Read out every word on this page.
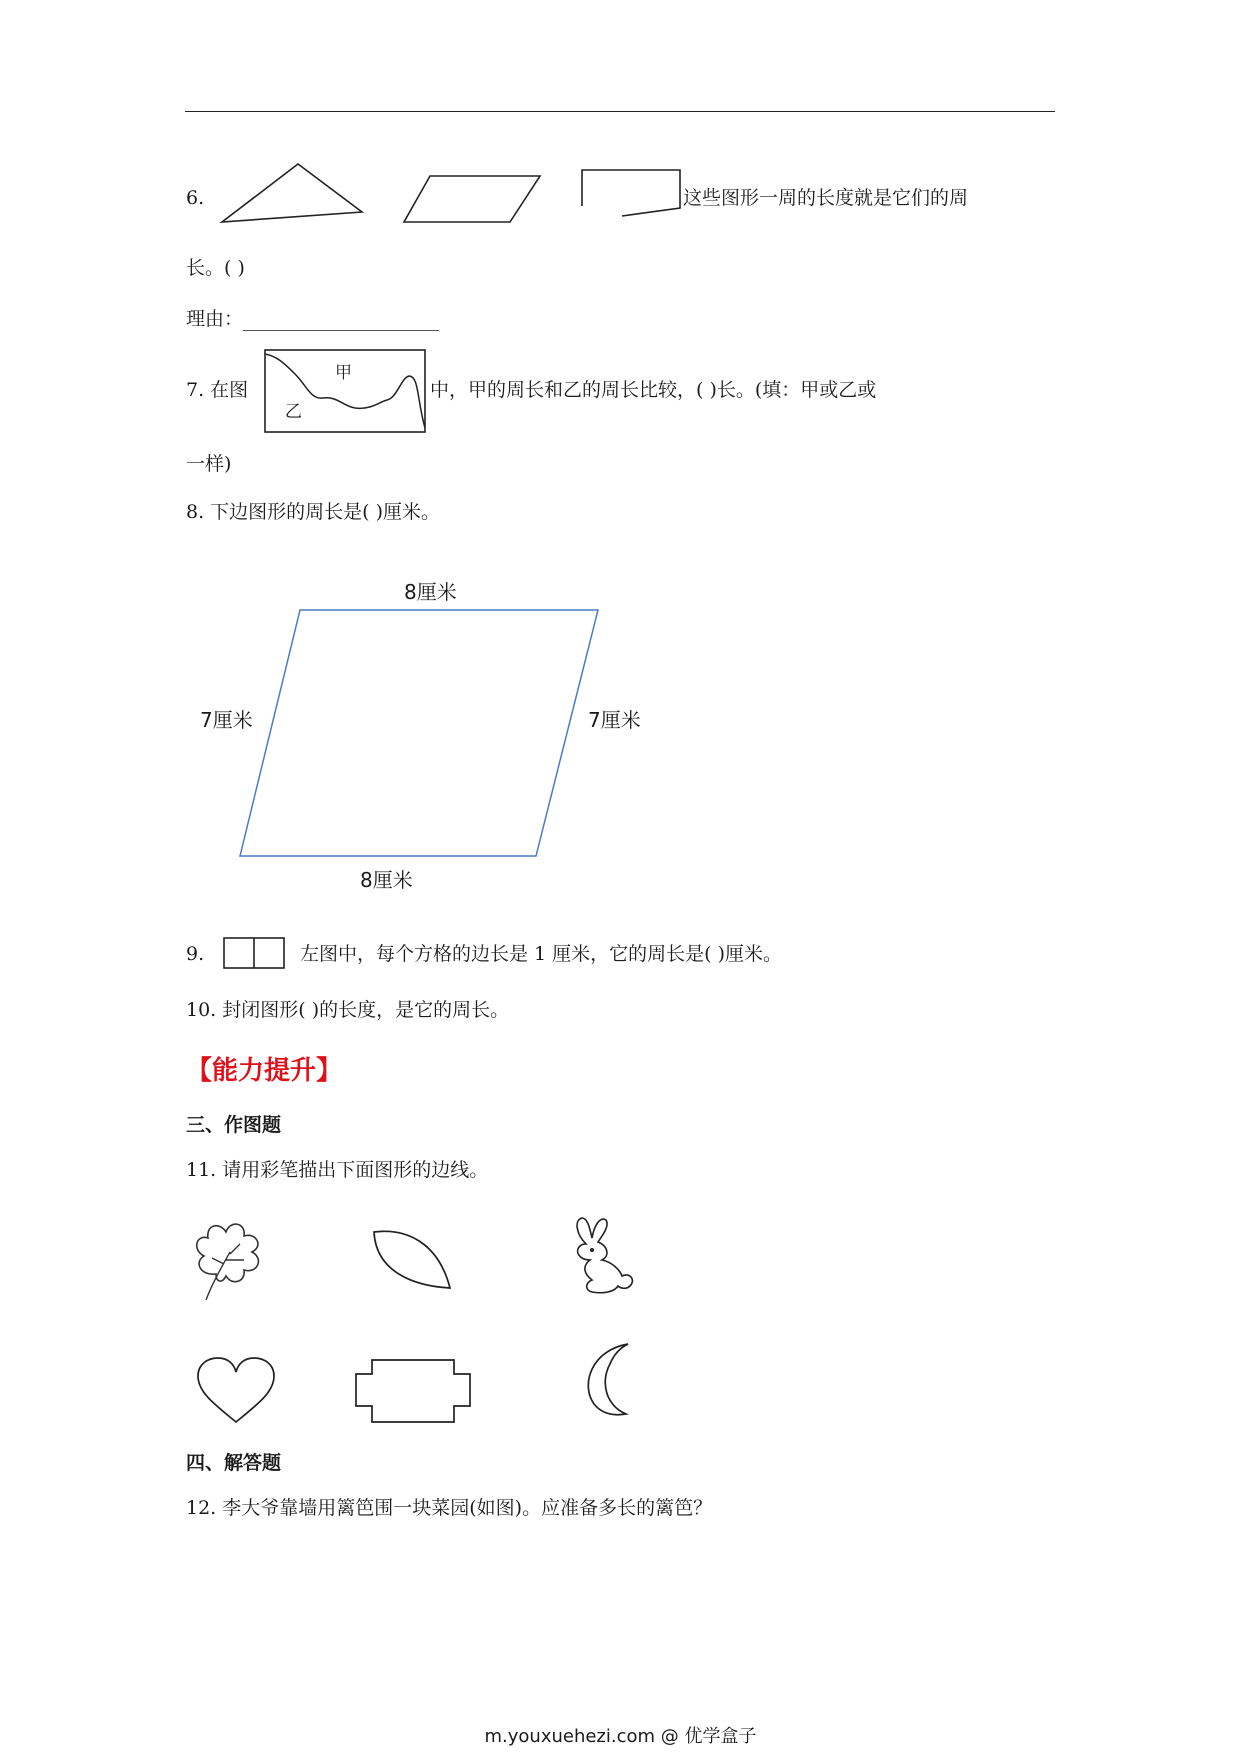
6.	这些图形一周的长度就是它们的周
长。( )
理由：
7. 在图
甲
乙
中，甲的周长和乙的周长比较，( )长。(填：甲或乙或
一样)
8. 下边图形的周长是( )厘米。
8厘米
8厘米
7厘米	7厘米
9.	左图中，每个方格的边长是 1 厘米，它的周长是( )厘米。
10. 封闭图形( )的长度，是它的周长。
【能力提升】
三、作图题
11. 请用彩笔描出下面图形的边线。
四、解答题
12. 李大爷靠墙用篱笆围一块菜园(如图)。应准备多长的篱笆？
m.youxuehezi.com @ 优学盒子
